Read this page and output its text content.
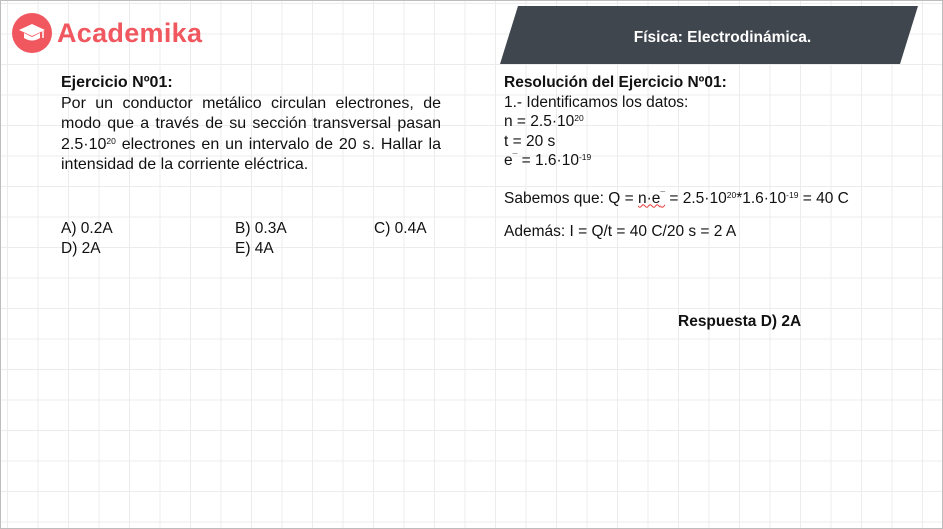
Academika	Física: Electrodinámica.
Ejercicio Nº01:
Por un conductor metálico circulan electrones, de modo que a través de su sección transversal pasan $2.5\cdot 10^{20}$ electrones en un intervalo de 20 s. Hallar la intensidad de la corriente eléctrica.
A) 0.2A	B) 0.3A	C) 0.4A
D) 2A	E) 4A
Resolución del Ejercicio Nº01:
1.- Identificamos los datos:
$n = 2.5\cdot 10^{20}$
t = 20 s
$e^¯ = 1.6\cdot 10^{-19}$
Sabemos que: $Q = n\cdot e^¯ = 2.5\cdot 10^{20}*1.6\cdot 10^{-19} = 40$ C
Además: I = Q/t = 40 C/20 s = 2 A
Respuesta D) 2A
